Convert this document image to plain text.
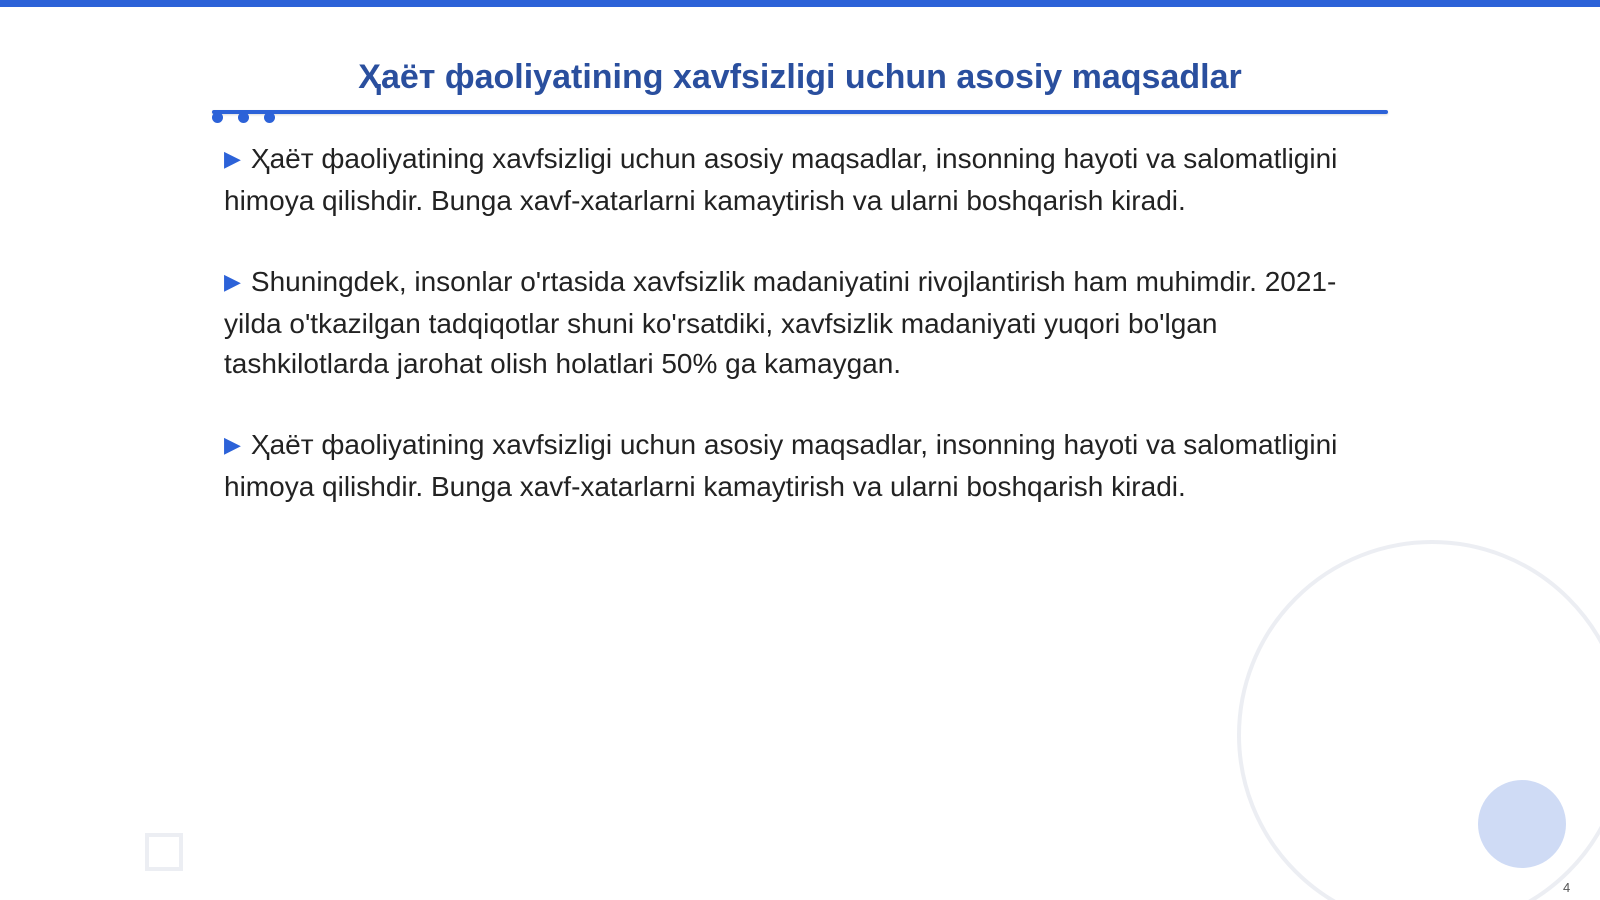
Ҳаёт фaoliyatining xavfsizligi uchun asosiy maqsadlar

▶ Ҳаёт фaoliyatining xavfsizligi uchun asosiy maqsadlar, insonning hayoti va salomatligini himoya qilishdir. Bunga xavf-xatarlarni kamaytirish va ularni boshqarish kiradi.

▶ Shuningdek, insonlar o'rtasida xavfsizlik madaniyatini rivojlantirish ham muhimdir. 2021-yilda o'tkazilgan tadqiqotlar shuni ko'rsatdiki, xavfsizlik madaniyati yuqori bo'lgan tashkilotlarda jarohat olish holatlari 50% ga kamaygan.

▶ Ҳаёт фaoliyatining xavfsizligi uchun asosiy maqsadlar, insonning hayoti va salomatligini himoya qilishdir. Bunga xavf-xatarlarni kamaytirish va ularni boshqarish kiradi.

4
